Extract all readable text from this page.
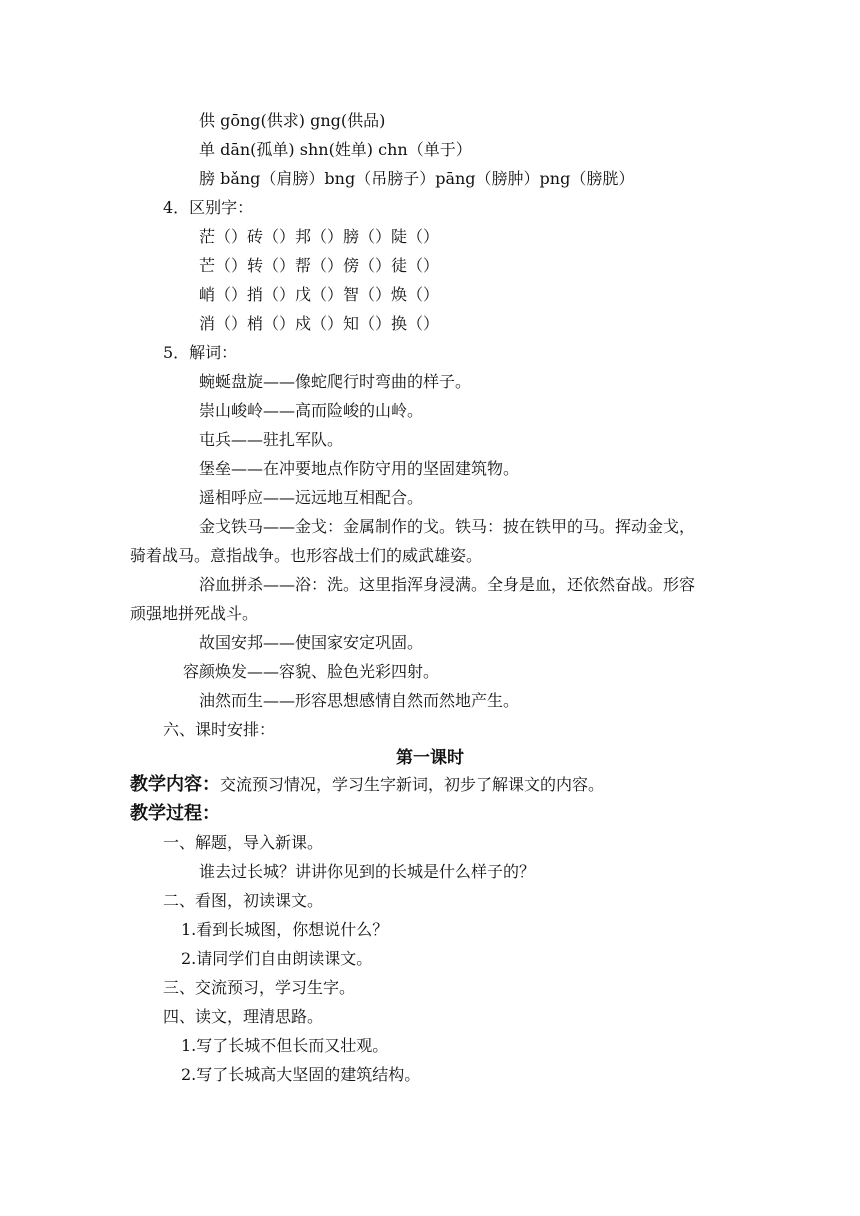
供 gōng(供求) gng(供品)
单 dān(孤单) shn(姓单) chn（单于）
膀 bǎng（肩膀）bng（吊膀子）pāng（膀肿）png（膀胱）
4．区别字：
茫（）砖（）邦（）膀（）陡（）
芒（）转（）帮（）傍（）徒（）
峭（）捎（）戊（）智（）焕（）
消（）梢（）戍（）知（）换（）
5．解词：
蜿蜒盘旋——像蛇爬行时弯曲的样子。
崇山峻岭——高而险峻的山岭。
屯兵——驻扎军队。
堡垒——在冲要地点作防守用的坚固建筑物。
遥相呼应——远远地互相配合。
金戈铁马——金戈：金属制作的戈。铁马：披在铁甲的马。挥动金戈，
骑着战马。意指战争。也形容战士们的威武雄姿。
浴血拼杀——浴：洗。这里指浑身浸满。全身是血，还依然奋战。形容
顽强地拼死战斗。
故国安邦——使国家安定巩固。
容颜焕发——容貌、脸色光彩四射。
油然而生——形容思想感情自然而然地产生。
六、课时安排：
第一课时
教学内容：交流预习情况，学习生字新词，初步了解课文的内容。
教学过程：
一、解题，导入新课。
谁去过长城？讲讲你见到的长城是什么样子的？
二、看图，初读课文。
1.看到长城图，你想说什么？
2.请同学们自由朗读课文。
三、交流预习，学习生字。
四、读文，理清思路。
1.写了长城不但长而又壮观。
2.写了长城高大坚固的建筑结构。
